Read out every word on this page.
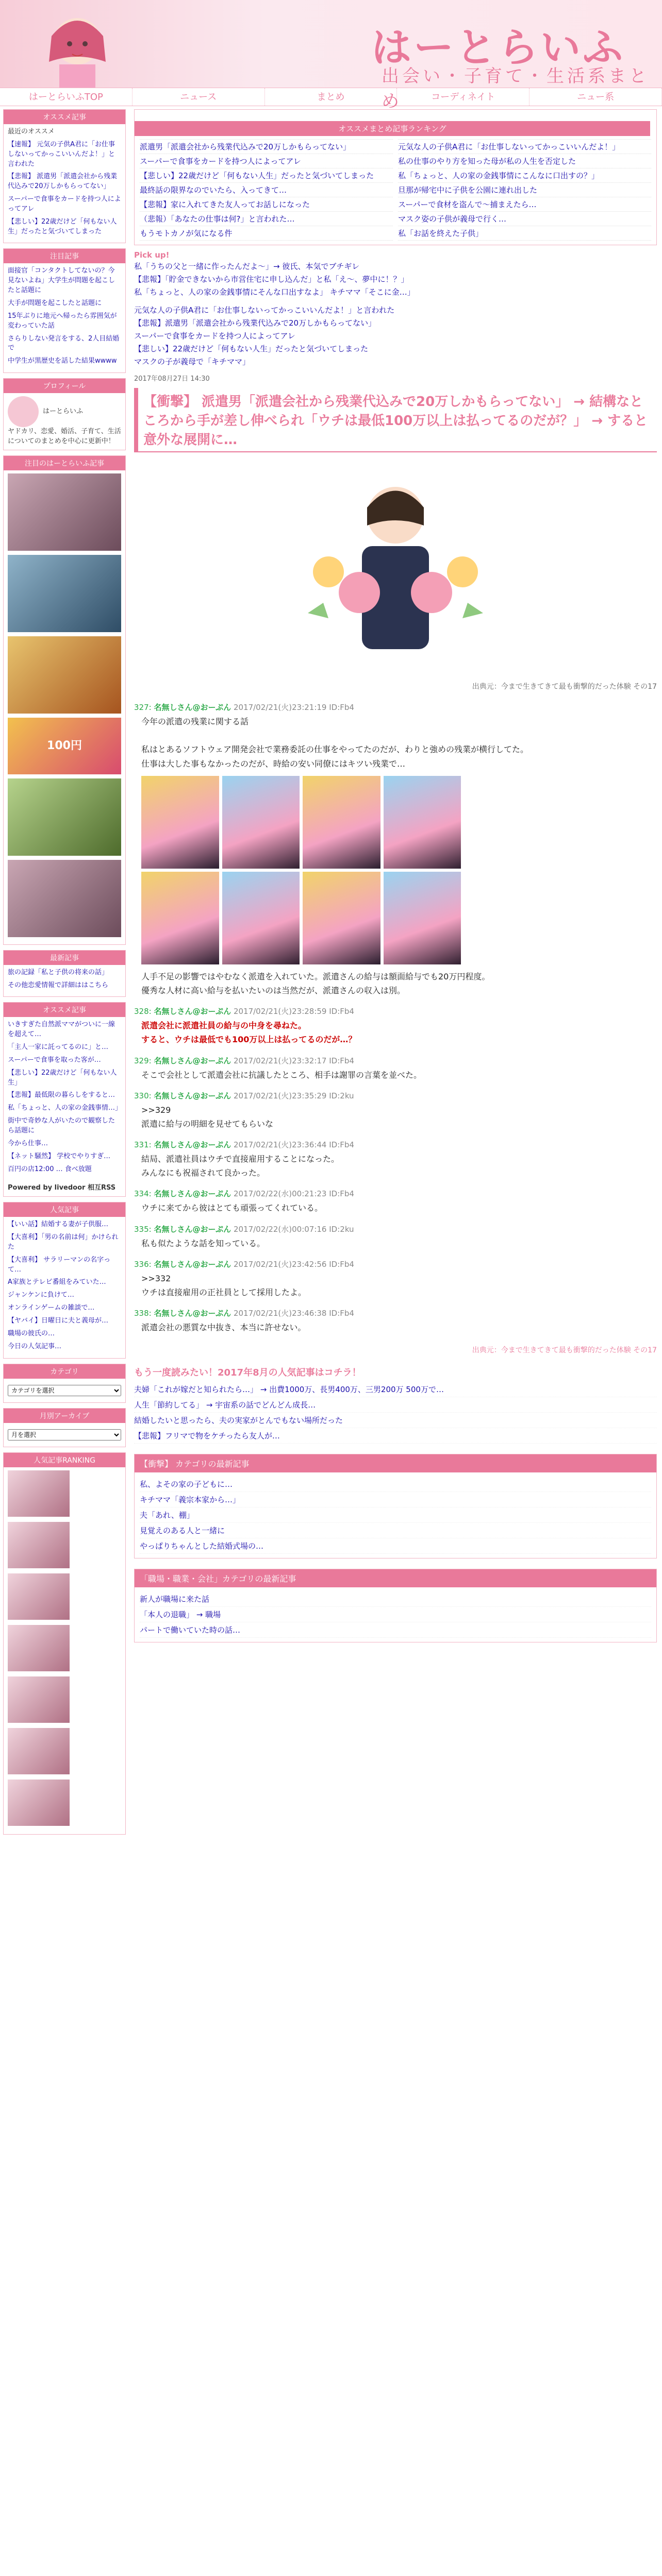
はーとらいふ
出会い・子育て・生活系まとめ
はーとらいふTOP	ニュース	まとめ	コーディネイト	ニュー系
オススメ記事
最近のオススメ
【速報】 元気の子供A君に「お仕事しないってかっこいいんだよ！」と言われた
【悲報】 派遣男「派遣会社から残業代込みで20万しかもらってない」
スーパーで食事をカードを持つ人によってアレ
【悲しい】22歳だけど「何もない人生」だったと気づいてしまった
注目記事
面接官「コンタクトしてないの？今見ないよね」大学生が問題を起こしたと話題に
大手が問題を起こしたと話題に
15年ぶりに地元へ帰ったら雰囲気が変わっていた話
さらりしない発言をする、2人目結婚で
中学生が黒歴史を話した結果wwww
プロフィール
はーとらいふ

ヤドカリ、恋愛、婚活、子育て、生活についてのまとめを中心に更新中！

注目のはーとらいふ記事
100円
最新記事
旅の記録「私と子供の将来の話」
その他恋愛情報で詳細ははこちら
オススメ記事
いきすぎた自然派ママがついに一線を超えて…
「主人一家に託ってるのに」と…
スーパーで食事を取った客が…
【悲しい】22歳だけど「何もない人生」
【悲報】最低限の暮らしをすると…
私「ちょっと、人の家の金銭事情…」
街中で奇妙な人がいたので観察したら話題に
今から仕事…
【ネット騒然】 学校でやりすぎ…
百円の店12:00 … 食べ放題
Powered by livedoor 相互RSS
人気記事
【いい話】結婚する妻が子供服…
【大喜利】「男の名前は何」かけられた
【大喜利】 サラリーマンの名字って…
A家族とテレビ番組をみていた…
ジャンケンに負けて…
オンラインゲームの雑談で…
【ヤバイ】日曜日に夫と義母が…
職場の彼氏の…
今日の人気記事…
カテゴリ
カテゴリを選択
月別アーカイブ
月を選択
人気記事RANKING
オススメまとめ記事ランキング
派遣男「派遣会社から残業代込みで20万しかもらってない」
スーパーで食事をカードを持つ人によってアレ
【悲しい】22歳だけど「何もない人生」だったと気づいてしまった
最終話の限界なのでいたら、入ってきて…
【悲報】家に入れてきた友人ってお話しになった
（悲報）「あなたの仕事は何?」と言われた…
もうモトカノが気になる件
元気な人の子供A君に「お仕事しないってかっこいいんだよ！」
私の仕事のやり方を知った母が私の人生を否定した
私「ちょっと、人の家の金銭事情にこんなに口出すの？」
旦那が帰宅中に子供を公園に連れ出した
スーパーで食材を盗んで〜捕まえたら…
マスク姿の子供が義母で行く…
私「お話を終えた子供」
Pick up!
私「うちの父と一緒に作ったんだよ〜」→ 彼氏、本気でブチギレ
【悲報】「貯金できないから市営住宅に申し込んだ」と私「え〜、夢中に！？」
私「ちょっと、人の家の金銭事情にそんな口出すなよ」 キチママ「そこに金…」
元気な人の子供A君に「お仕事しないってかっこいいんだよ！」と言われた
【悲報】派遣男「派遣会社から残業代込みで20万しかもらってない」
スーパーで食事をカードを持つ人によってアレ
【悲しい】22歳だけど「何もない人生」だったと気づいてしまった
マスクの子が義母で「キチママ」
2017年08月27日 14:30
【衝撃】 派遣男「派遣会社から残業代込みで20万しかもらってない」 → 結構なところから手が差し伸べられ「ウチは最低100万以上は払ってるのだが？」 → すると意外な展開に…
出典元：今まで生きてきて最も衝撃的だった体験 その17
327: 名無しさん@おーぷん 2017/02/21(火)23:21:19 ID:Fb4
今年の派遣の残業に関する話

私はとあるソフトウェア開発会社で業務委託の仕事をやってたのだが、わりと強めの残業が横行してた。
仕事は大した事もなかったのだが、時給の安い同僚にはキツい残業で…
人手不足の影響ではやむなく派遣を入れていた。派遣さんの給与は額面給与でも20万円程度。
優秀な人材に高い給与を払いたいのは当然だが、派遣さんの収入は別。
328: 名無しさん@おーぷん 2017/02/21(火)23:28:59 ID:Fb4
派遣会社に派遣社員の給与の中身を尋ねた。
すると、ウチは最低でも100万以上は払ってるのだが…？
329: 名無しさん@おーぷん 2017/02/21(火)23:32:17 ID:Fb4
そこで会社として派遣会社に抗議したところ、相手は謝罪の言葉を並べた。
330: 名無しさん@おーぷん 2017/02/21(火)23:35:29 ID:2ku
>>329
派遣に給与の明細を見せてもらいな
331: 名無しさん@おーぷん 2017/02/21(火)23:36:44 ID:Fb4
結局、派遣社員はウチで直接雇用することになった。
みんなにも祝福されて良かった。
334: 名無しさん@おーぷん 2017/02/22(水)00:21:23 ID:Fb4
ウチに来てから彼はとても頑張ってくれている。
335: 名無しさん@おーぷん 2017/02/22(水)00:07:16 ID:2ku
私も似たような話を知っている。
336: 名無しさん@おーぷん 2017/02/21(火)23:42:56 ID:Fb4
>>332
ウチは直接雇用の正社員として採用したよ。
338: 名無しさん@おーぷん 2017/02/21(火)23:46:38 ID:Fb4
派遣会社の悪質な中抜き、本当に許せない。
出典元：今まで生きてきて最も衝撃的だった体験 その17
もう一度読みたい！2017年8月の人気記事はコチラ！
夫婦「これが嫁だと知られたら…」 → 出費1000万、長男400万、三男200万 500万で…
人生「節約してる」 → 宇宙系の話でどんどん成長…
結婚したいと思ったら、夫の実家がとんでもない場所だった
【悲報】フリマで物をケチったら友人が…
【衝撃】 カテゴリの最新記事
私、よその家の子どもに…
キチママ「義宗本家から…」
夫「あれ、棚」
見覚えのある人と一緒に
やっぱりちゃんとした結婚式場の…
「職場・職業・会社」カテゴリの最新記事
新人が職場に来た話
「本人の退職」 → 職場
パートで働いていた時の話…
